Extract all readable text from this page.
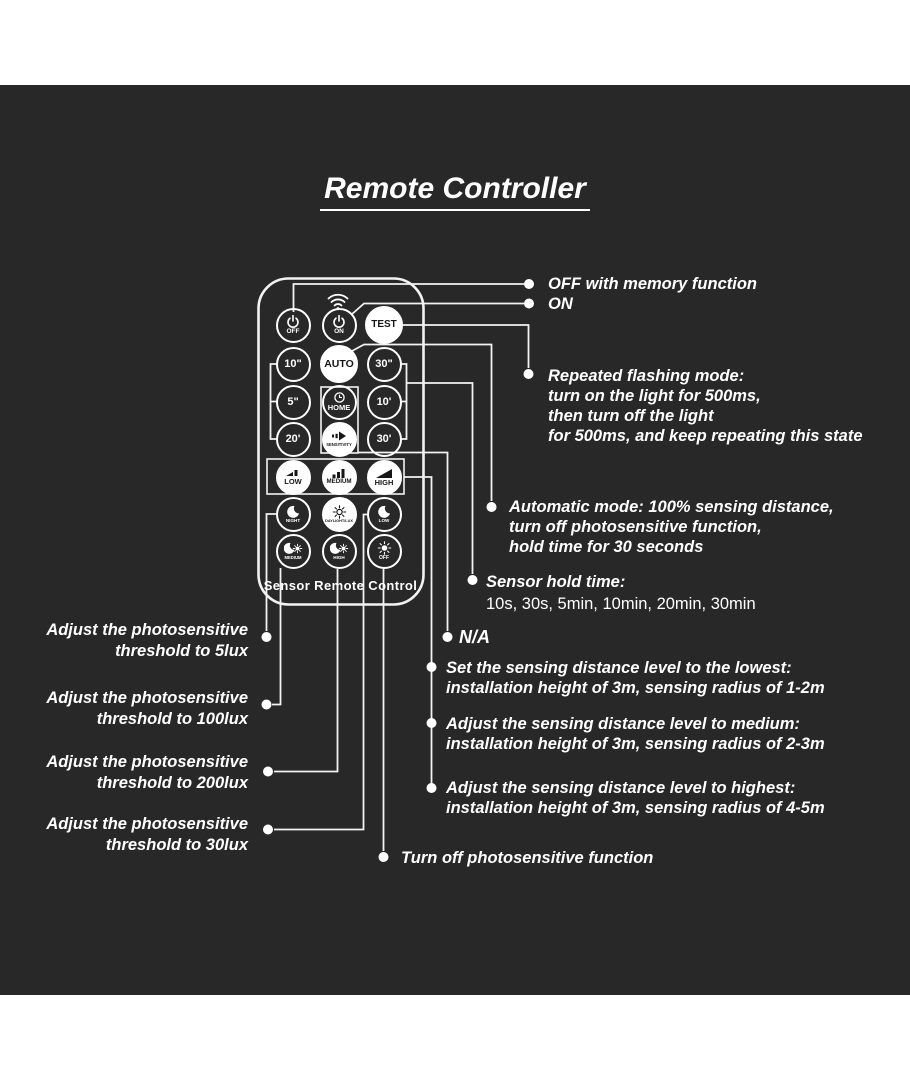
Remote Controller
OFF	ON
TEST
10" AUTO 30"
5"
HOME
10'
20'
SENSITIVITY
30'
LOW	MEDIUM	HIGH
NIGHT	DAYLIGHT/LUX	LOW
MEDIUM	HIGH	OFF
Sensor Remote Control
OFF with memory function
ON
Repeated flashing mode:
turn on the light for 500ms,
then turn off the light
for 500ms, and keep repeating this state
Automatic mode: 100% sensing distance,
turn off photosensitive function,
hold time for 30 seconds
Sensor hold time:
10s, 30s, 5min, 10min, 20min, 30min
N/A
Set the sensing distance level to the lowest:
installation height of 3m, sensing radius of 1-2m
Adjust the sensing distance level to medium:
installation height of 3m, sensing radius of 2-3m
Adjust the sensing distance level to highest:
installation height of 3m, sensing radius of 4-5m
Turn off photosensitive function
Adjust the photosensitive
threshold to 5lux
Adjust the photosensitive
threshold to 100lux
Adjust the photosensitive
threshold to 200lux
Adjust the photosensitive
threshold to 30lux
